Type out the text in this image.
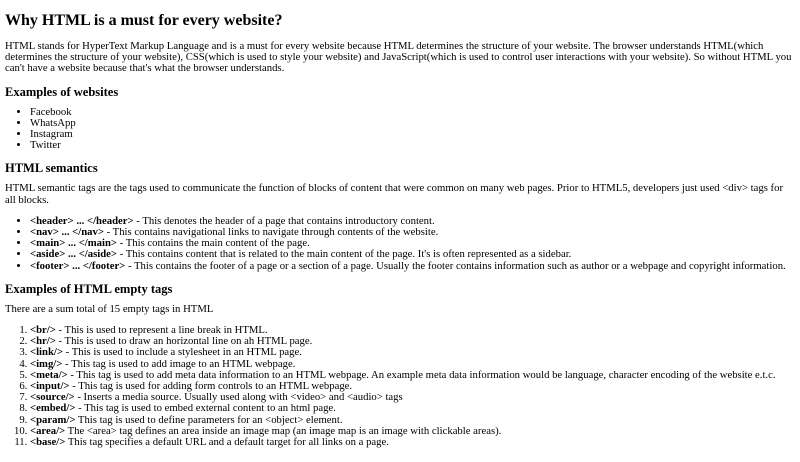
Why HTML is a must for every website?

HTML stands for HyperText Markup Language and is a must for every website because HTML determines the structure of your website. The browser understands HTML(which determines the structure of your website), CSS(which is used to style your website) and JavaScript(which is used to control user interactions with your website). So without HTML you can't have a website because that's what the browser understands.

Examples of websites
• Facebook
• WhatsApp
• Instagram
• Twitter
HTML semantics

HTML semantic tags are the tags used to communicate the function of blocks of content that were common on many web pages. Prior to HTML5, developers just used <div> tags for all blocks.

• <header> ... </header> - This denotes the header of a page that contains introductory content.
• <nav> ... </nav> - This contains navigational links to navigate through contents of the website.
• <main> ... </main> - This contains the main content of the page.
• <aside> ... </aside> - This contains content that is related to the main content of the page. It's is often represented as a sidebar.
• <footer> ... </footer> - This contains the footer of a page or a section of a page. Usually the footer contains information such as author or a webpage and copyright information.
Examples of HTML empty tags

There are a sum total of 15 empty tags in HTML

1. <br/> - This is used to represent a line break in HTML.
2. <hr/> - This is used to draw an horizontal line on ah HTML page.
3. <link/> - This is used to include a stylesheet in an HTML page.
4. <img/> - This tag is used to add image to an HTML webpage.
5. <meta/> - This tag is used to add meta data information to an HTML webpage. An example meta data information would be language, character encoding of the website e.t.c.
6. <input/> - This tag is used for adding form controls to an HTML webpage.
7. <source/> - Inserts a media source. Usually used along with <video> and <audio> tags
8. <embed/> - This tag is used to embed external content to an html page.
9. <param/> This tag is used to define parameters for an <object> element.
10. <area/> The <area> tag defines an area inside an image map (an image map is an image with clickable areas).
11. <base/> This tag specifies a default URL and a default target for all links on a page.
